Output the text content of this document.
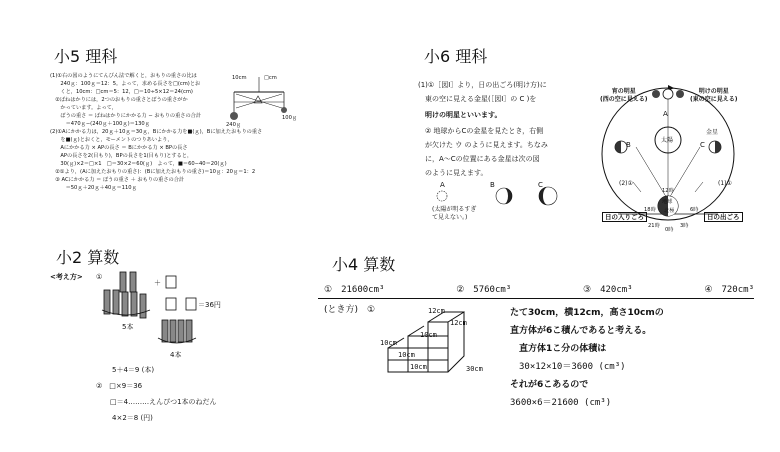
小5 理科
(1)①右の図のようにてんびん法で解くと，おもりの重さの比は
　　240ｇ：100ｇ＝12：5。よって，求める長さを□(cm)とお
　　くと，10cm：□cm＝5：12，□＝10÷5×12＝24(cm)
　②ばねはかりには，2つのおもりの重さとぼうの重さがか
　　かっています。よって，
　　ぼうの重さ ＝ ばねはかりにかかる力 − おもりの重さの合計
　　　＝470ｇ−(240ｇ＋100ｇ)＝130ｇ
(2)①Aにかかる力は，20ｇ＋10ｇ＝30ｇ，Bにかかる力を■(ｇ)，Bに加えたおもりの重さ
　　を■(ｇ)とおくと，モーメントのつりあいより，
　　Aにかかる力 × APの長さ ＝ Bにかかる力 × BPの長さ
　　APの長さを2(目もり)，BPの長さを1(目もり)とすると，
　　30(ｇ)×2＝□×1　□＝30×2＝60(ｇ)　よって，■＝60−40＝20(ｇ)
　②①より，(Aに加えたおもりの重さ)：(Bに加えたおもりの重さ)＝10ｇ：20ｇ＝1：2
　③ ACにかかる力 ＝ ぼうの重さ ＋ おもりの重さの合計
　　　＝50ｇ＋20ｇ＋40ｇ＝110ｇ
10cm	□cm
240ｇ
100ｇ
小6 理科
(1)①［図Ⅰ］より，日の出ごろ(明け方)に
　東の空に見える金星(［図Ⅰ］の C )を
　明けの明星といいます。
　② 地球からCの金星を見たとき，右側
　が欠けた ウ のように見えます。ちなみ
　に，A〜Cの位置にある金星は次の図
　のように見えます。
A	B	C
(太陽が明るすぎ
て見えない。)
宵の明星
(西の空に見える)
明けの明星
(東の空に見える)
金星
太陽
A
B	C
(2)①	(1)①
12時
18時	6時
21時
0時
3時
地球
北極
日の入りごろ	日の出ごろ
小2 算数
<考え方> ①
＋
＝36円
5本
4本
5＋4＝9 (本)
②　□×9＝36
　　□＝4………えんぴつ1本のねだん
4×2＝8 (円)
小4 算数
①　21600cm³	②　5760cm³	③　420cm³	④　720cm³
(とき方)　①	12cm
12cm
10cm
10cm
10cm
10cm	30cm
たて30cm，横12cm，高さ10cmの
直方体が6こ積んであると考える。
　直方体1こ分の体積は
　30×12×10＝3600 (cm³)
それが6こあるので
3600×6＝21600 (cm³)
